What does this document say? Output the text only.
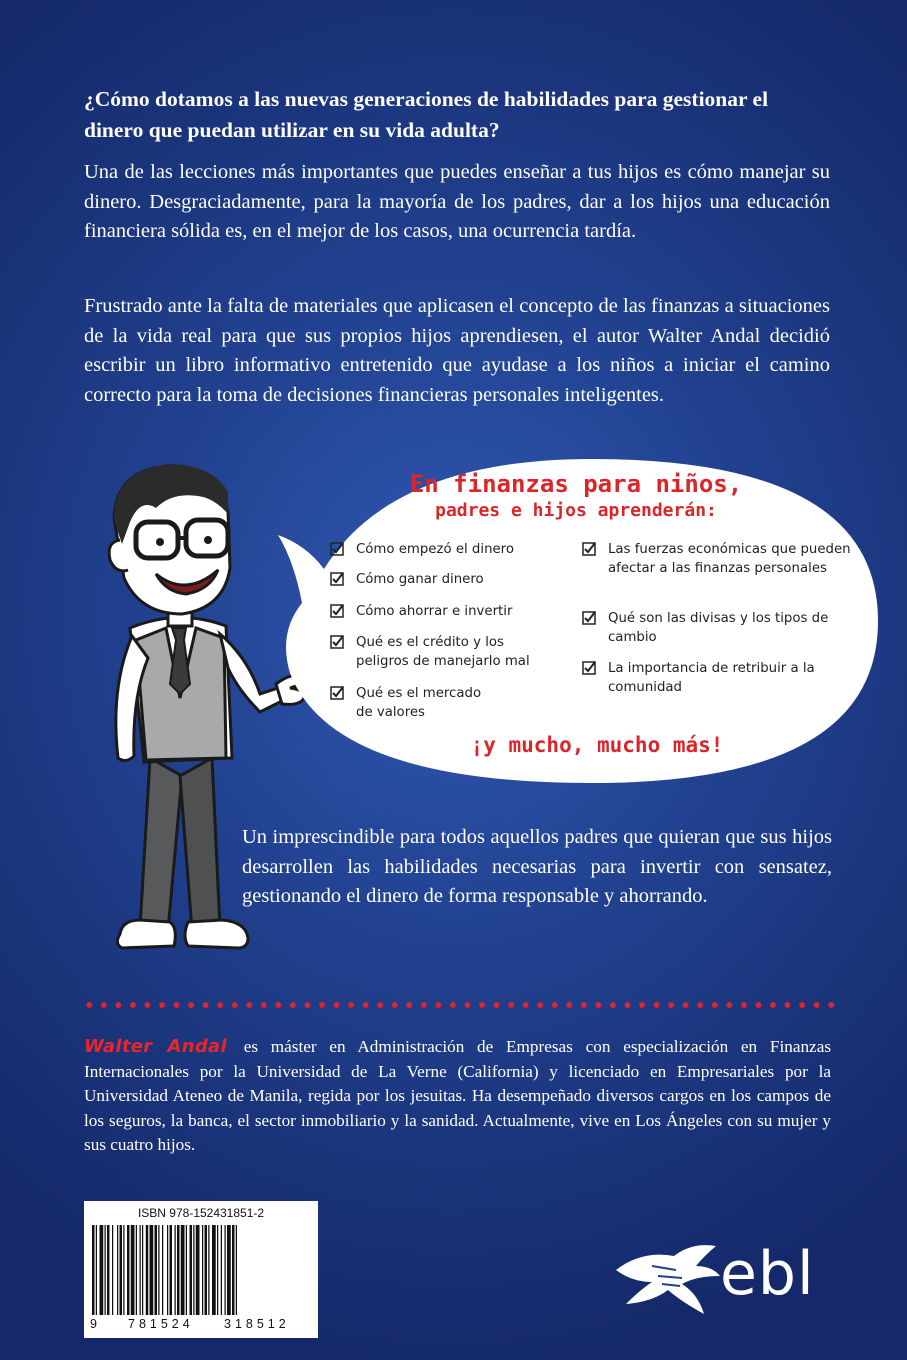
¿Cómo dotamos a las nuevas generaciones de habilidades para gestionar el dinero que puedan utilizar en su vida adulta?

Una de las lecciones más importantes que puedes enseñar a tus hijos es cómo manejar su dinero. Desgraciadamente, para la mayoría de los padres, dar a los hijos una educación financiera sólida es, en el mejor de los casos, una ocurrencia tardía.

Frustrado ante la falta de materiales que aplicasen el concepto de las finanzas a situaciones de la vida real para que sus propios hijos aprendiesen, el autor Walter Andal decidió escribir un libro informativo entretenido que ayudase a los niños a iniciar el camino correcto para la toma de decisiones financieras personales inteligentes.

En finanzas para niños,

padres e hijos aprenderán:

Cómo empezó el dinero
Cómo ganar dinero
Cómo ahorrar e invertir
Qué es el crédito y los peligros de manejarlo mal
Qué es el mercado de valores
Las fuerzas económicas que pueden afectar a las finanzas personales
Qué son las divisas y los tipos de cambio
La importancia de retribuir a la comunidad

¡y mucho, mucho más!

Un imprescindible para todos aquellos padres que quieran que sus hijos desarrollen las habilidades necesarias para invertir con sensatez, gestionando el dinero de forma responsable y ahorrando.

Walter Andal es máster en Administración de Empresas con especialización en Finanzas Internacionales por la Universidad de La Verne (California) y licenciado en Empresariales por la Universidad Ateneo de Manila, regida por los jesuitas. Ha desempeñado diversos cargos en los campos de los seguros, la banca, el sector inmobiliario y la sanidad. Actualmente, vive en Los Ángeles con su mujer y sus cuatro hijos.

ISBN 978-152431851-2
9 781524 318512
ebl
